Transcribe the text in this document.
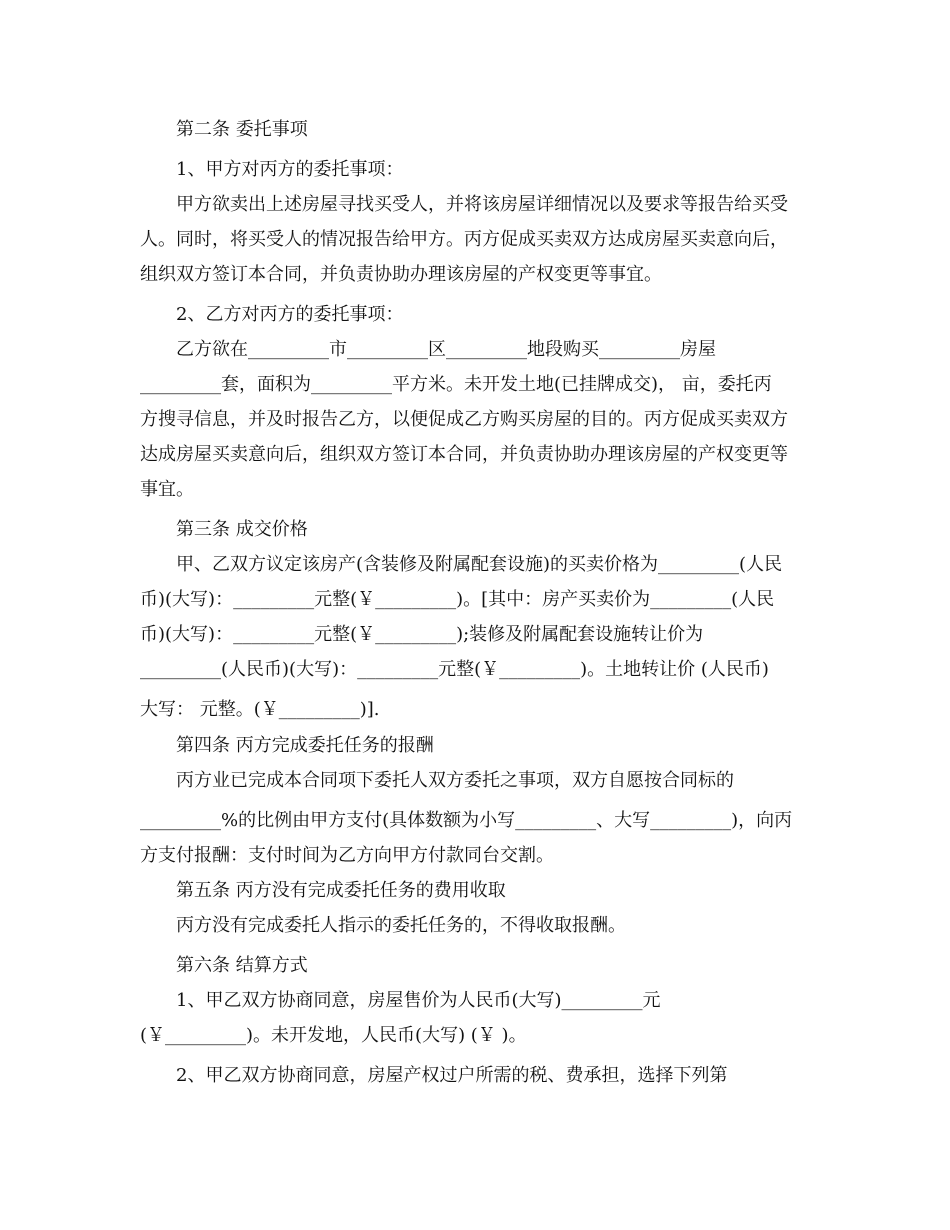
第二条 委托事项
1、甲方对丙方的委托事项：
甲方欲卖出上述房屋寻找买受人，并将该房屋详细情况以及要求等报告给买受
人。同时，将买受人的情况报告给甲方。丙方促成买卖双方达成房屋买卖意向后，
组织双方签订本合同，并负责协助办理该房屋的产权变更等事宜。
2、乙方对丙方的委托事项：
乙方欲在_________市_________区_________地段购买_________房屋
_________套，面积为_________平方米。未开发土地(已挂牌成交)， 亩，委托丙
方搜寻信息，并及时报告乙方，以便促成乙方购买房屋的目的。丙方促成买卖双方
达成房屋买卖意向后，组织双方签订本合同，并负责协助办理该房屋的产权变更等
事宜。
第三条 成交价格
甲、乙双方议定该房产(含装修及附属配套设施)的买卖价格为_________(人民
币)(大写)：_________元整(￥_________)。[其中：房产买卖价为_________(人民
币)(大写)：_________元整(￥_________);装修及附属配套设施转让价为
_________(人民币)(大写)：_________元整(￥_________)。土地转让价 (人民币)
大写： 元整。(￥_________)].
第四条 丙方完成委托任务的报酬
丙方业已完成本合同项下委托人双方委托之事项，双方自愿按合同标的
_________%的比例由甲方支付(具体数额为小写_________、大写_________)，向丙
方支付报酬：支付时间为乙方向甲方付款同台交割。
第五条 丙方没有完成委托任务的费用收取
丙方没有完成委托人指示的委托任务的，不得收取报酬。
第六条 结算方式
1、甲乙双方协商同意，房屋售价为人民币(大写)_________元
(￥_________)。未开发地，人民币(大写) (￥ )。
2、甲乙双方协商同意，房屋产权过户所需的税、费承担，选择下列第
